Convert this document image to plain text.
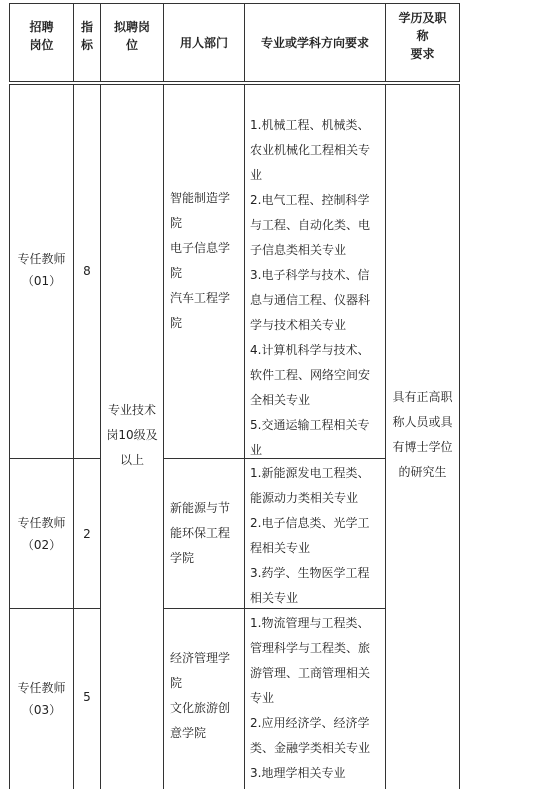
招聘
岗位
指
标
拟聘岗
位	用人部门	专业或学科方向要求
学历及职
称
要求
专任教师
（01）
8
智能制造学
院
电子信息学
院
汽车工程学
院
1.机械工程、机械类、
农业机械化工程相关专
业
2.电气工程、控制科学
与工程、自动化类、电
子信息类相关专业
3.电子科学与技术、信
息与通信工程、仪器科
学与技术相关专业
4.计算机科学与技术、
软件工程、网络空间安
全相关专业
5.交通运输工程相关专
业
专业技术
岗10级及
以上
具有正高职
称人员或具
有博士学位
的研究生
专任教师
（02）
2
新能源与节
能环保工程
学院
1.新能源发电工程类、
能源动力类相关专业
2.电子信息类、光学工
程相关专业
3.药学、生物医学工程
相关专业
专任教师
（03）
5
经济管理学
院
文化旅游创
意学院
1.物流管理与工程类、
管理科学与工程类、旅
游管理、工商管理相关
专业
2.应用经济学、经济学
类、金融学类相关专业
3.地理学相关专业
